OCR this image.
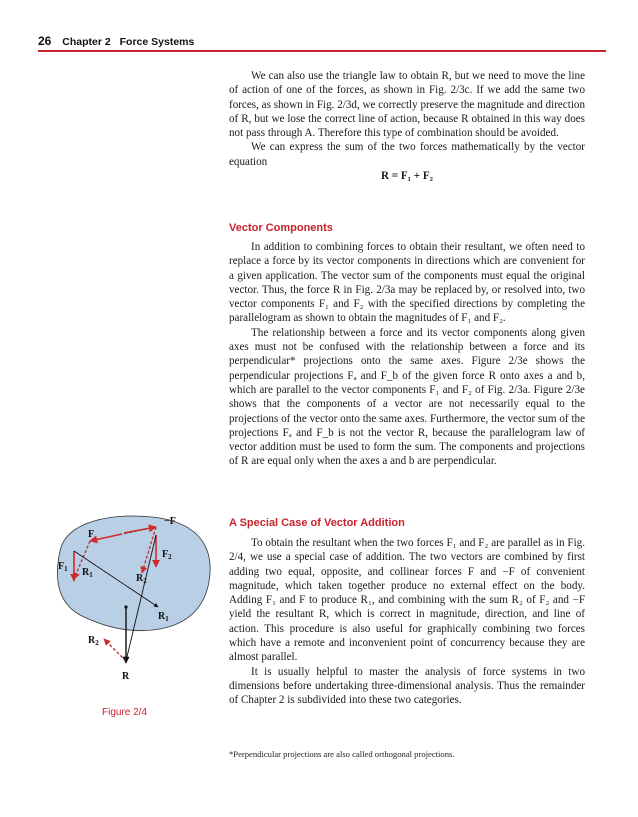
26 Chapter 2 Force Systems

We can also use the triangle law to obtain R, but we need to move the line of action of one of the forces, as shown in Fig. 2/3c. If we add the same two forces, as shown in Fig. 2/3d, we correctly preserve the magnitude and direction of R, but we lose the correct line of action, because R obtained in this way does not pass through A. Therefore this type of combination should be avoided.

We can express the sum of the two forces mathematically by the vector equation

R = F₁ + F₂

Vector Components

In addition to combining forces to obtain their resultant, we often need to replace a force by its vector components in directions which are convenient for a given application. The vector sum of the components must equal the original vector. Thus, the force R in Fig. 2/3a may be replaced by, or resolved into, two vector components F₁ and F₂ with the specified directions by completing the parallelogram as shown to obtain the magnitudes of F₁ and F₂.

The relationship between a force and its vector components along given axes must not be confused with the relationship between a force and its perpendicular* projections onto the same axes. Figure 2/3e shows the perpendicular projections Fₐ and F_b of the given force R onto axes a and b, which are parallel to the vector components F₁ and F₂ of Fig. 2/3a. Figure 2/3e shows that the components of a vector are not necessarily equal to the projections of the vector onto the same axes. Furthermore, the vector sum of the projections Fₐ and F_b is not the vector R, because the parallelogram law of vector addition must be used to form the sum. The components and projections of R are equal only when the axes a and b are perpendicular.

A Special Case of Vector Addition

To obtain the resultant when the two forces F₁ and F₂ are parallel as in Fig. 2/4, we use a special case of addition. The two vectors are combined by first adding two equal, opposite, and collinear forces F and −F of convenient magnitude, which taken together produce no external effect on the body. Adding F₁ and F to produce R₁, and combining with the sum R₂ of F₂ and −F yield the resultant R, which is correct in magnitude, direction, and line of action. This procedure is also useful for graphically combining two forces which have a remote and inconvenient point of concurrency because they are almost parallel.

It is usually helpful to master the analysis of force systems in two dimensions before undertaking three-dimensional analysis. Thus the remainder of Chapter 2 is subdivided into these two categories.

−F
F
$F_1$
$F_2$
$R_1$	$R_2$
$R_1$
$R_2$
R
Figure 2/4
*Perpendicular projections are also called orthogonal projections.
